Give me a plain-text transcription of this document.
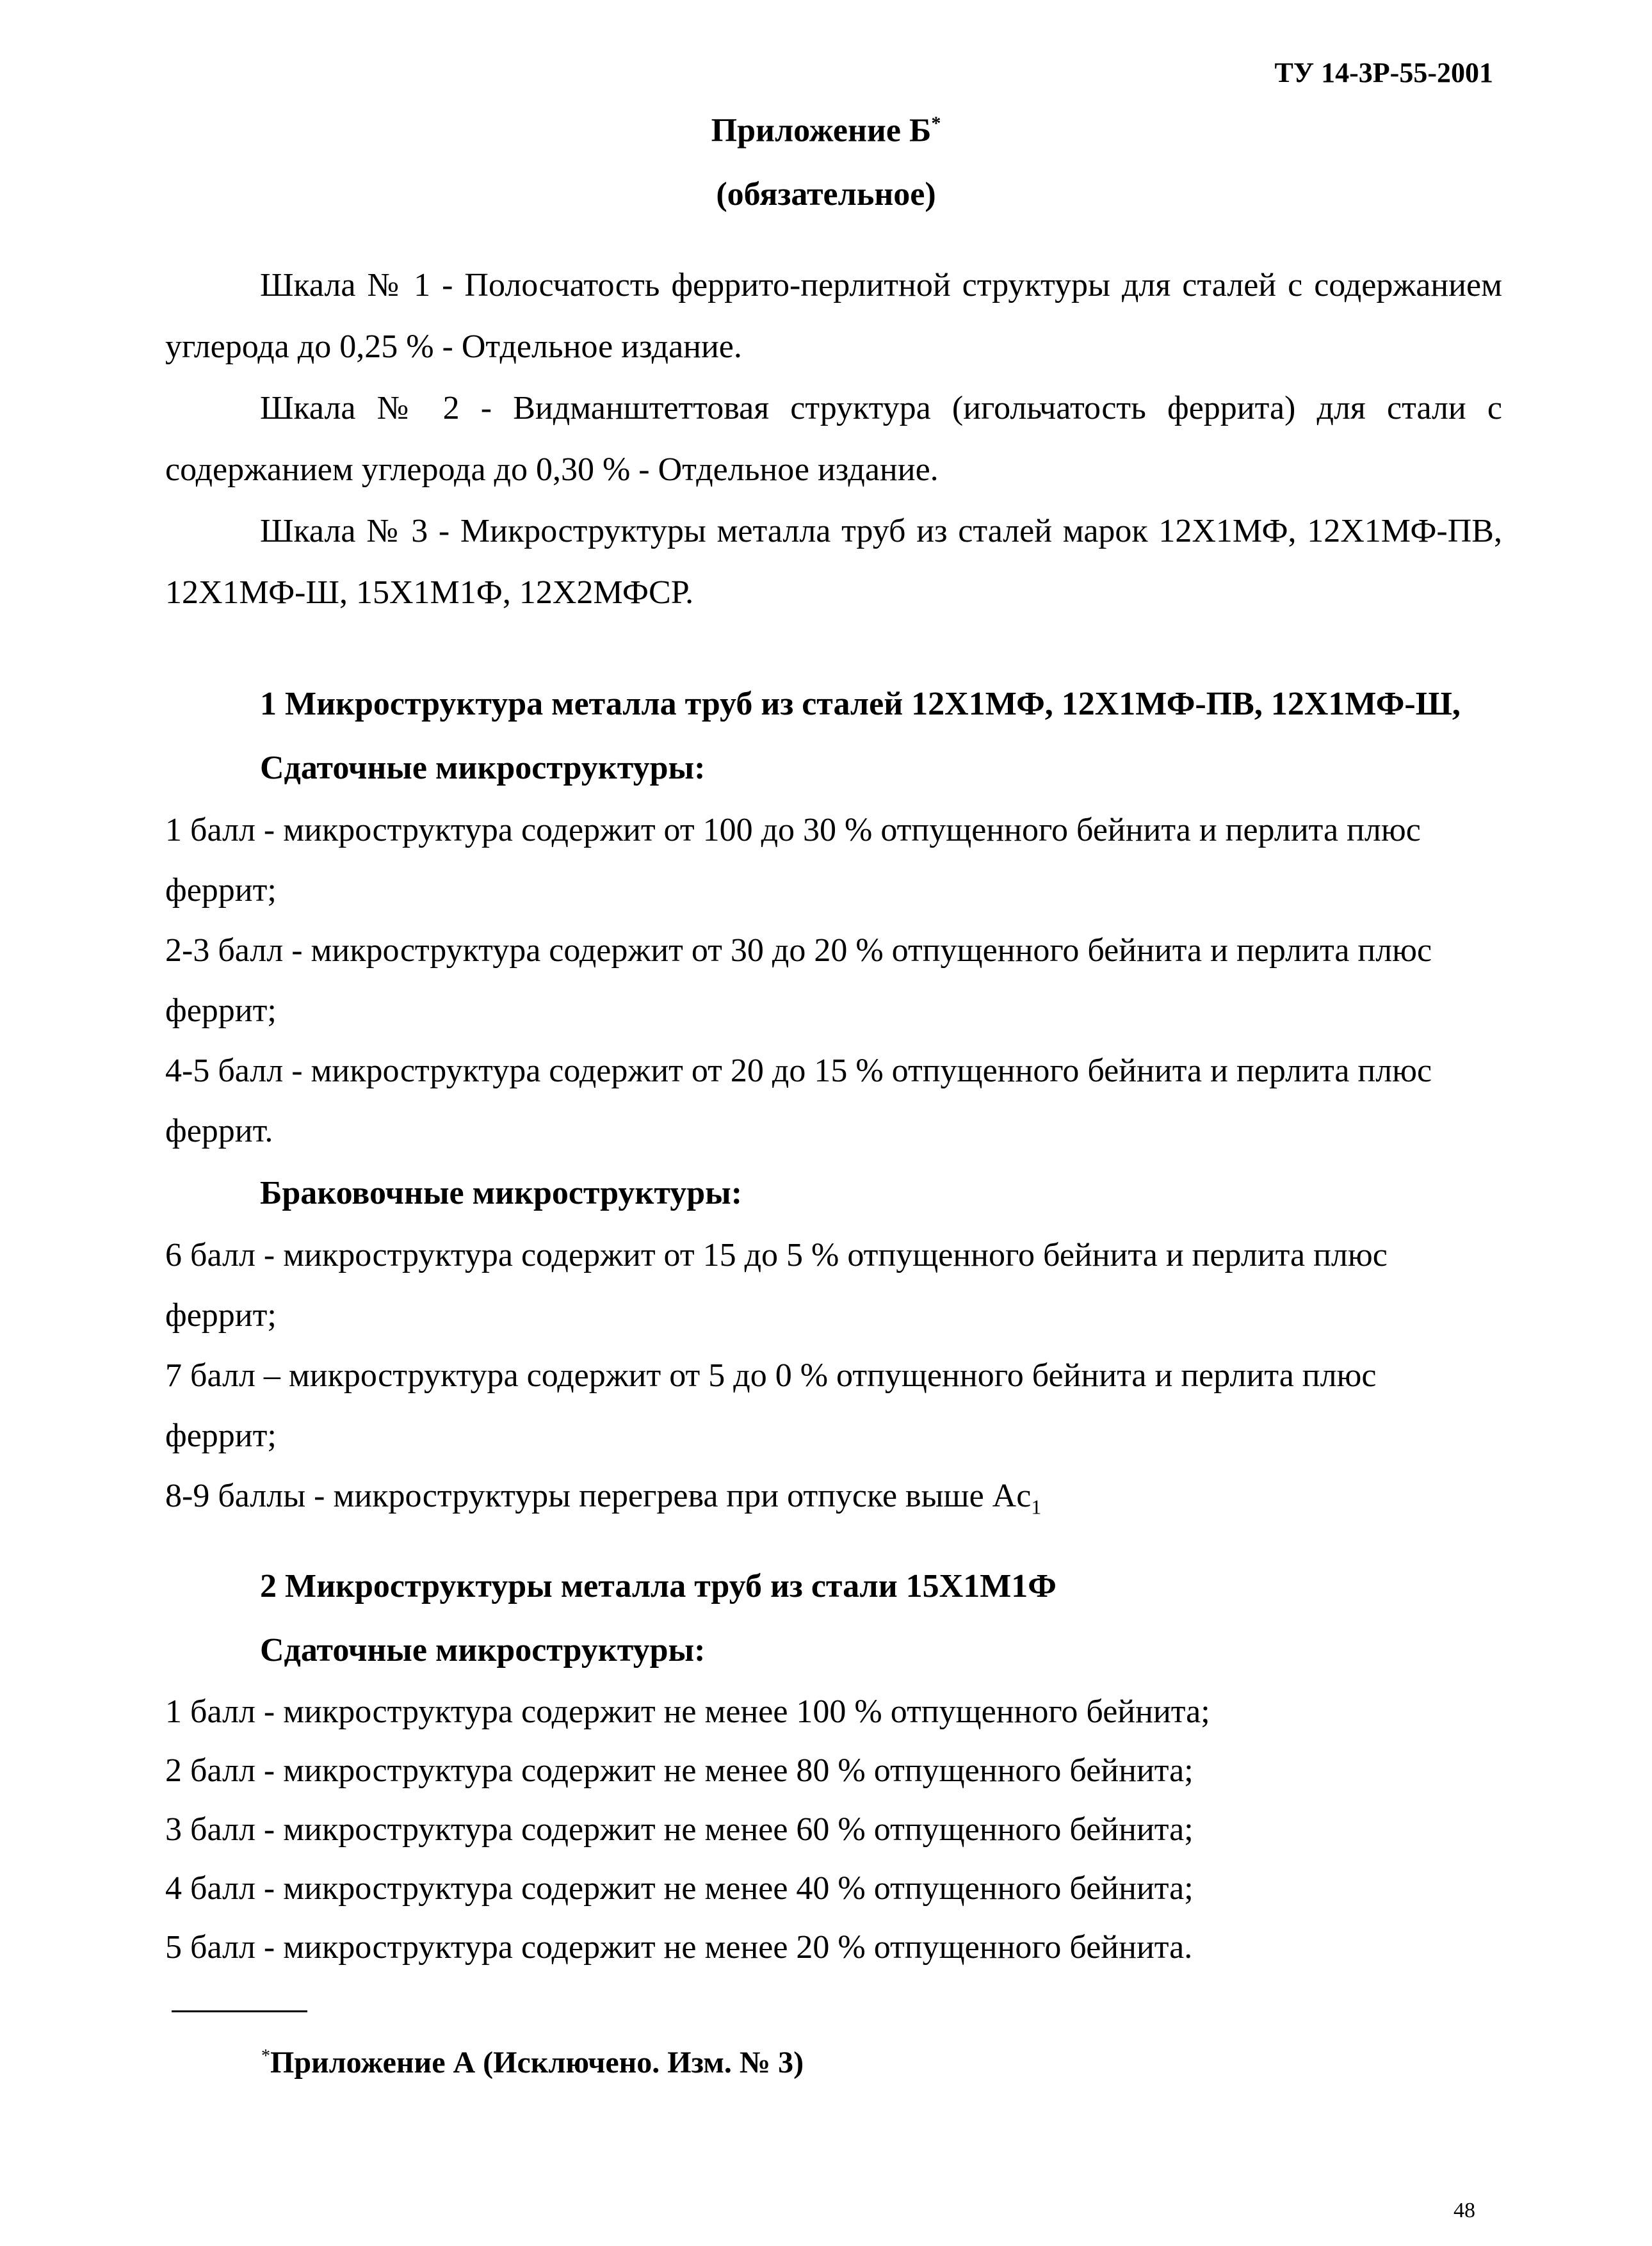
ТУ 14-3Р-55-2001
Приложение Б*
(обязательное)

Шкала № 1 - Полосчатость феррито-перлитной структуры для сталей с содержанием углерода до 0,25 % - Отдельное издание.

Шкала № 2 - Видманштеттовая структура (игольчатость феррита) для стали с содержанием углерода до 0,30 % - Отдельное издание.

Шкала № 3 - Микроструктуры металла труб из сталей марок 12Х1МФ, 12Х1МФ-ПВ, 12Х1МФ-Ш, 15Х1М1Ф, 12Х2МФСР.

1 Микроструктура металла труб из сталей 12Х1МФ, 12Х1МФ-ПВ, 12Х1МФ-Ш,
Сдаточные микроструктуры:
1 балл - микроструктура содержит от 100 до 30 % отпущенного бейнита и перлита плюс
феррит;
2-3 балл - микроструктура содержит от 30 до 20 % отпущенного бейнита и перлита плюс
феррит;
4-5 балл - микроструктура содержит от 20 до 15 % отпущенного бейнита и перлита плюс
феррит.
Браковочные микроструктуры:
6 балл - микроструктура содержит от 15 до 5 % отпущенного бейнита и перлита плюс
феррит;
7 балл – микроструктура содержит от 5 до 0 % отпущенного бейнита и перлита плюс
феррит;
8-9 баллы - микроструктуры перегрева при отпуске выше $Ac_1$
2 Микроструктуры металла труб из стали 15Х1М1Ф
Сдаточные микроструктуры:
1 балл - микроструктура содержит не менее 100 % отпущенного бейнита;
2 балл - микроструктура содержит не менее 80 % отпущенного бейнита;
3 балл - микроструктура содержит не менее 60 % отпущенного бейнита;
4 балл - микроструктура содержит не менее 40 % отпущенного бейнита;
5 балл - микроструктура содержит не менее 20 % отпущенного бейнита.
*Приложение А (Исключено. Изм. № 3)
48
